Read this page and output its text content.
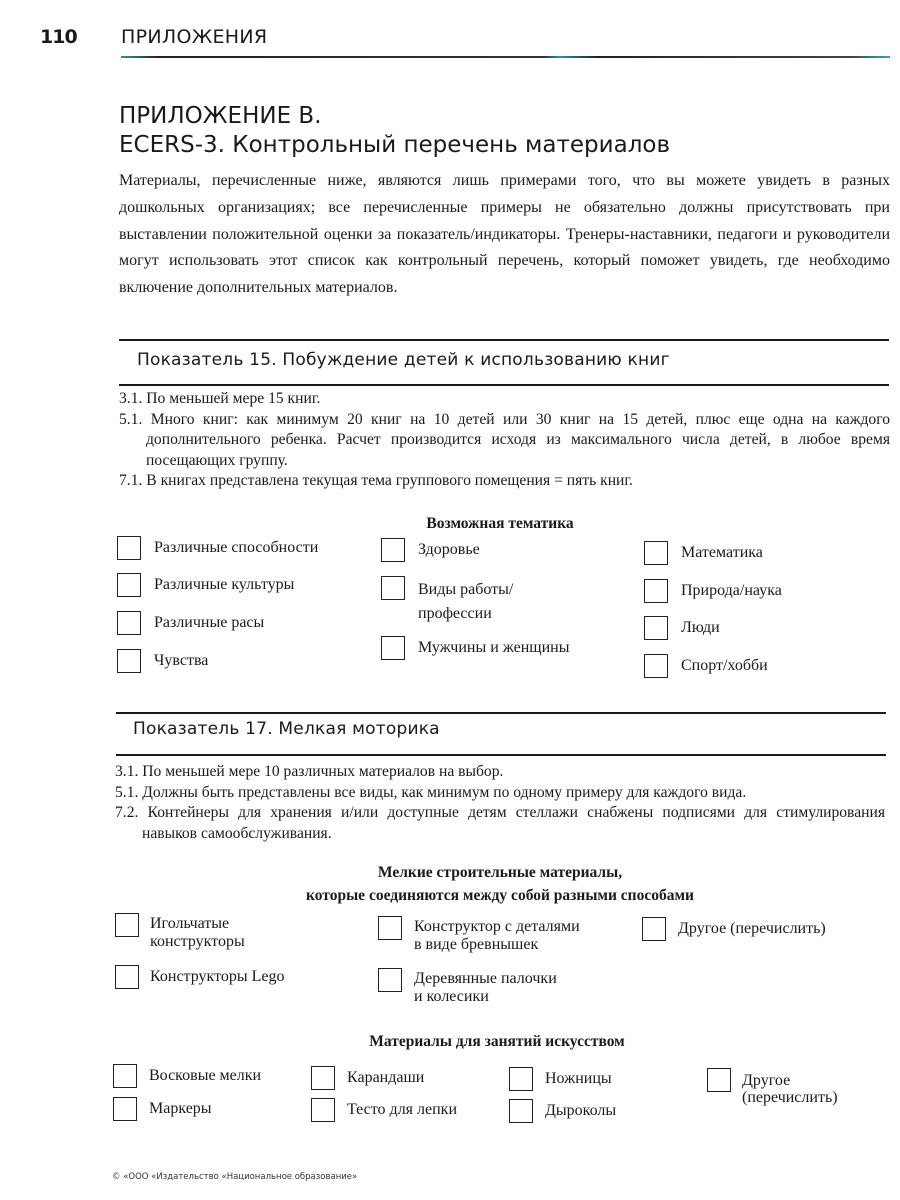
110 ПРИЛОЖЕНИЯ
ПРИЛОЖЕНИЕ В.
ECERS-3. Контрольный перечень материалов
Материалы, перечисленные ниже, являются лишь примерами того, что вы можете увидеть в разных дошкольных организациях; все перечисленные примеры не обязательно должны присутствовать при выставлении положительной оценки за показатель/индикаторы. Тренеры-наставники, педагоги и руководители могут использовать этот список как контрольный перечень, который поможет увидеть, где необходимо включение дополнительных материалов.
Показатель 15. Побуждение детей к использованию книг
3.1. По меньшей мере 15 книг.
5.1. Много книг: как минимум 20 книг на 10 детей или 30 книг на 15 детей, плюс еще одна на каждого дополнительного ребенка. Расчет производится исходя из максимального числа детей, в любое время посещающих группу.
7.1. В книгах представлена текущая тема группового помещения = пять книг.
Возможная тематика
Различные способности
Различные культуры
Различные расы
Чувства
Здоровье
Виды работы/
профессии
Мужчины и женщины
Математика
Природа/наука
Люди
Спорт/хобби
Показатель 17. Мелкая моторика
3.1. По меньшей мере 10 различных материалов на выбор.
5.1. Должны быть представлены все виды, как минимум по одному примеру для каждого вида.
7.2. Контейнеры для хранения и/или доступные детям стеллажи снабжены подписями для стимулирования навыков самообслуживания.
Мелкие строительные материалы,
которые соединяются между собой разными способами
Игольчатые
конструкторы
Конструкторы Lego
Конструктор с деталями
в виде бревнышек
Деревянные палочки
и колесики
Другое (перечислить)
Материалы для занятий искусством
Восковые мелки
Маркеры
Карандаши
Тесто для лепки
Ножницы
Дыроколы
Другое
(перечислить)
© «ООО «Издательство «Национальное образование»
